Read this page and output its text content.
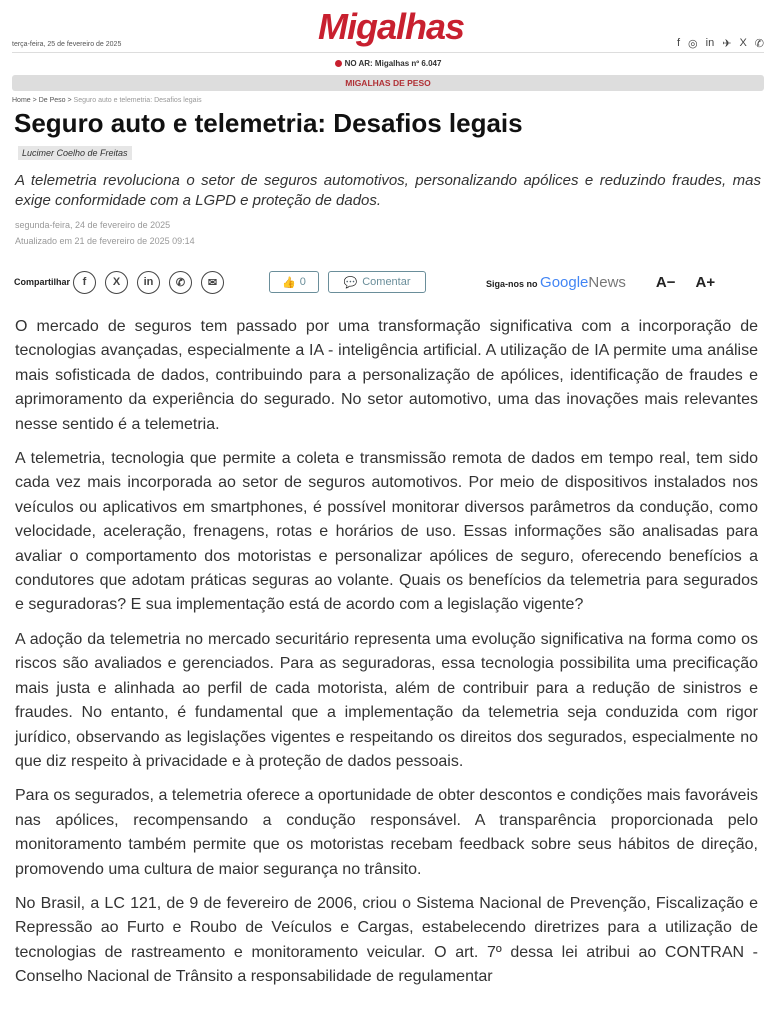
terça-feira, 25 de fevereiro de 2025	Migalhas	f ◎ in ✈ X ✆
NO AR: Migalhas nº 6.047
MIGALHAS DE PESO
Home > De Peso > Seguro auto e telemetria: Desafios legais
Seguro auto e telemetria: Desafios legais
Lucimer Coelho de Freitas

A telemetria revoluciona o setor de seguros automotivos, personalizando apólices e reduzindo fraudes, mas exige conformidade com a LGPD e proteção de dados.

segunda-feira, 24 de fevereiro de 2025
Atualizado em 21 de fevereiro de 2025 09:14
Compartilhar	f	X	in	✆	✉	👍 0	💬 Comentar	Siga-nos no GoogleNews A− A+

O mercado de seguros tem passado por uma transformação significativa com a incorporação de tecnologias avançadas, especialmente a IA - inteligência artificial. A utilização de IA permite uma análise mais sofisticada de dados, contribuindo para a personalização de apólices, identificação de fraudes e aprimoramento da experiência do segurado. No setor automotivo, uma das inovações mais relevantes nesse sentido é a telemetria.

A telemetria, tecnologia que permite a coleta e transmissão remota de dados em tempo real, tem sido cada vez mais incorporada ao setor de seguros automotivos. Por meio de dispositivos instalados nos veículos ou aplicativos em smartphones, é possível monitorar diversos parâmetros da condução, como velocidade, aceleração, frenagens, rotas e horários de uso. Essas informações são analisadas para avaliar o comportamento dos motoristas e personalizar apólices de seguro, oferecendo benefícios a condutores que adotam práticas seguras ao volante. Quais os benefícios da telemetria para segurados e seguradoras? E sua implementação está de acordo com a legislação vigente?

A adoção da telemetria no mercado securitário representa uma evolução significativa na forma como os riscos são avaliados e gerenciados. Para as seguradoras, essa tecnologia possibilita uma precificação mais justa e alinhada ao perfil de cada motorista, além de contribuir para a redução de sinistros e fraudes. No entanto, é fundamental que a implementação da telemetria seja conduzida com rigor jurídico, observando as legislações vigentes e respeitando os direitos dos segurados, especialmente no que diz respeito à privacidade e à proteção de dados pessoais.

Para os segurados, a telemetria oferece a oportunidade de obter descontos e condições mais favoráveis nas apólices, recompensando a condução responsável. A transparência proporcionada pelo monitoramento também permite que os motoristas recebam feedback sobre seus hábitos de direção, promovendo uma cultura de maior segurança no trânsito.

No Brasil, a LC 121, de 9 de fevereiro de 2006, criou o Sistema Nacional de Prevenção, Fiscalização e Repressão ao Furto e Roubo de Veículos e Cargas, estabelecendo diretrizes para a utilização de tecnologias de rastreamento e monitoramento veicular. O art. 7º dessa lei atribui ao CONTRAN - Conselho Nacional de Trânsito a responsabilidade de regulamentar
